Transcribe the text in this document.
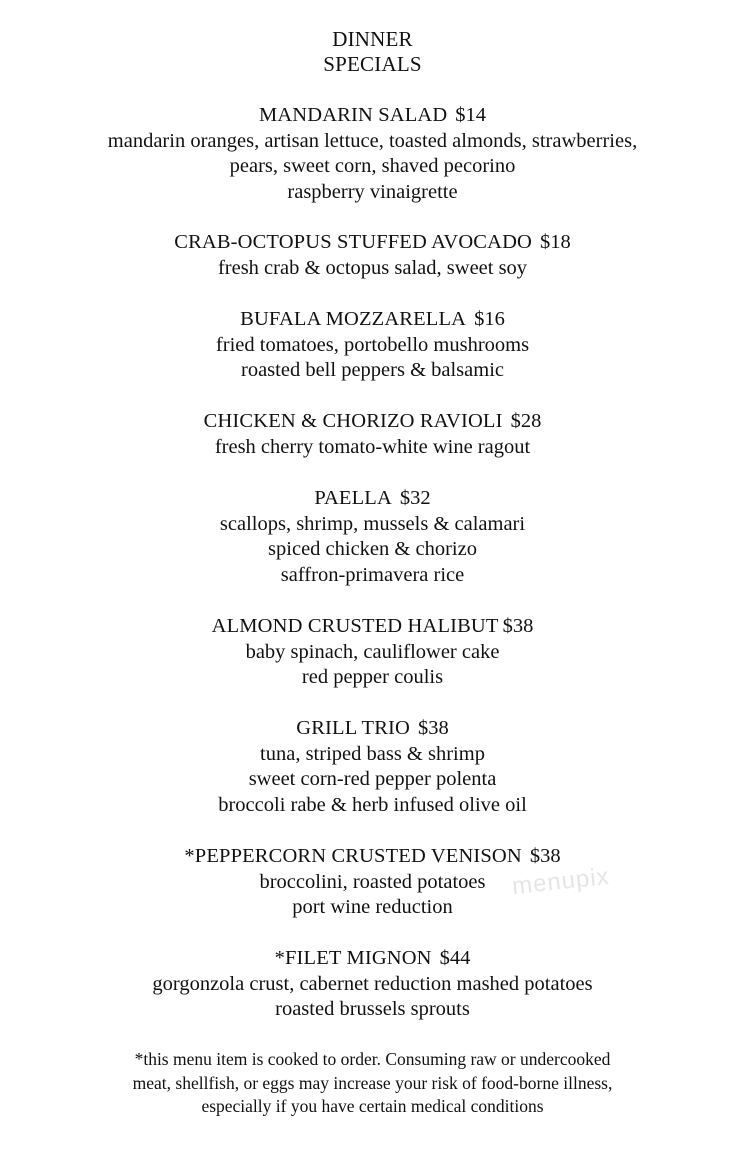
DINNER
SPECIALS
MANDARIN SALAD $14
mandarin oranges, artisan lettuce, toasted almonds, strawberries,
pears, sweet corn, shaved pecorino
raspberry vinaigrette
CRAB-OCTOPUS STUFFED AVOCADO $18
fresh crab & octopus salad, sweet soy
BUFALA MOZZARELLA $16
fried tomatoes, portobello mushrooms
roasted bell peppers & balsamic
CHICKEN & CHORIZO RAVIOLI $28
fresh cherry tomato-white wine ragout
PAELLA $32
scallops, shrimp, mussels & calamari
spiced chicken & chorizo
saffron-primavera rice
ALMOND CRUSTED HALIBUT $38
baby spinach, cauliflower cake
red pepper coulis
GRILL TRIO $38
tuna, striped bass & shrimp
sweet corn-red pepper polenta
broccoli rabe & herb infused olive oil
*PEPPERCORN CRUSTED VENISON $38
broccolini, roasted potatoes
port wine reduction
*FILET MIGNON $44
gorgonzola crust, cabernet reduction mashed potatoes
roasted brussels sprouts
*this menu item is cooked to order. Consuming raw or undercooked
meat, shellfish, or eggs may increase your risk of food-borne illness,
especially if you have certain medical conditions
menupix
